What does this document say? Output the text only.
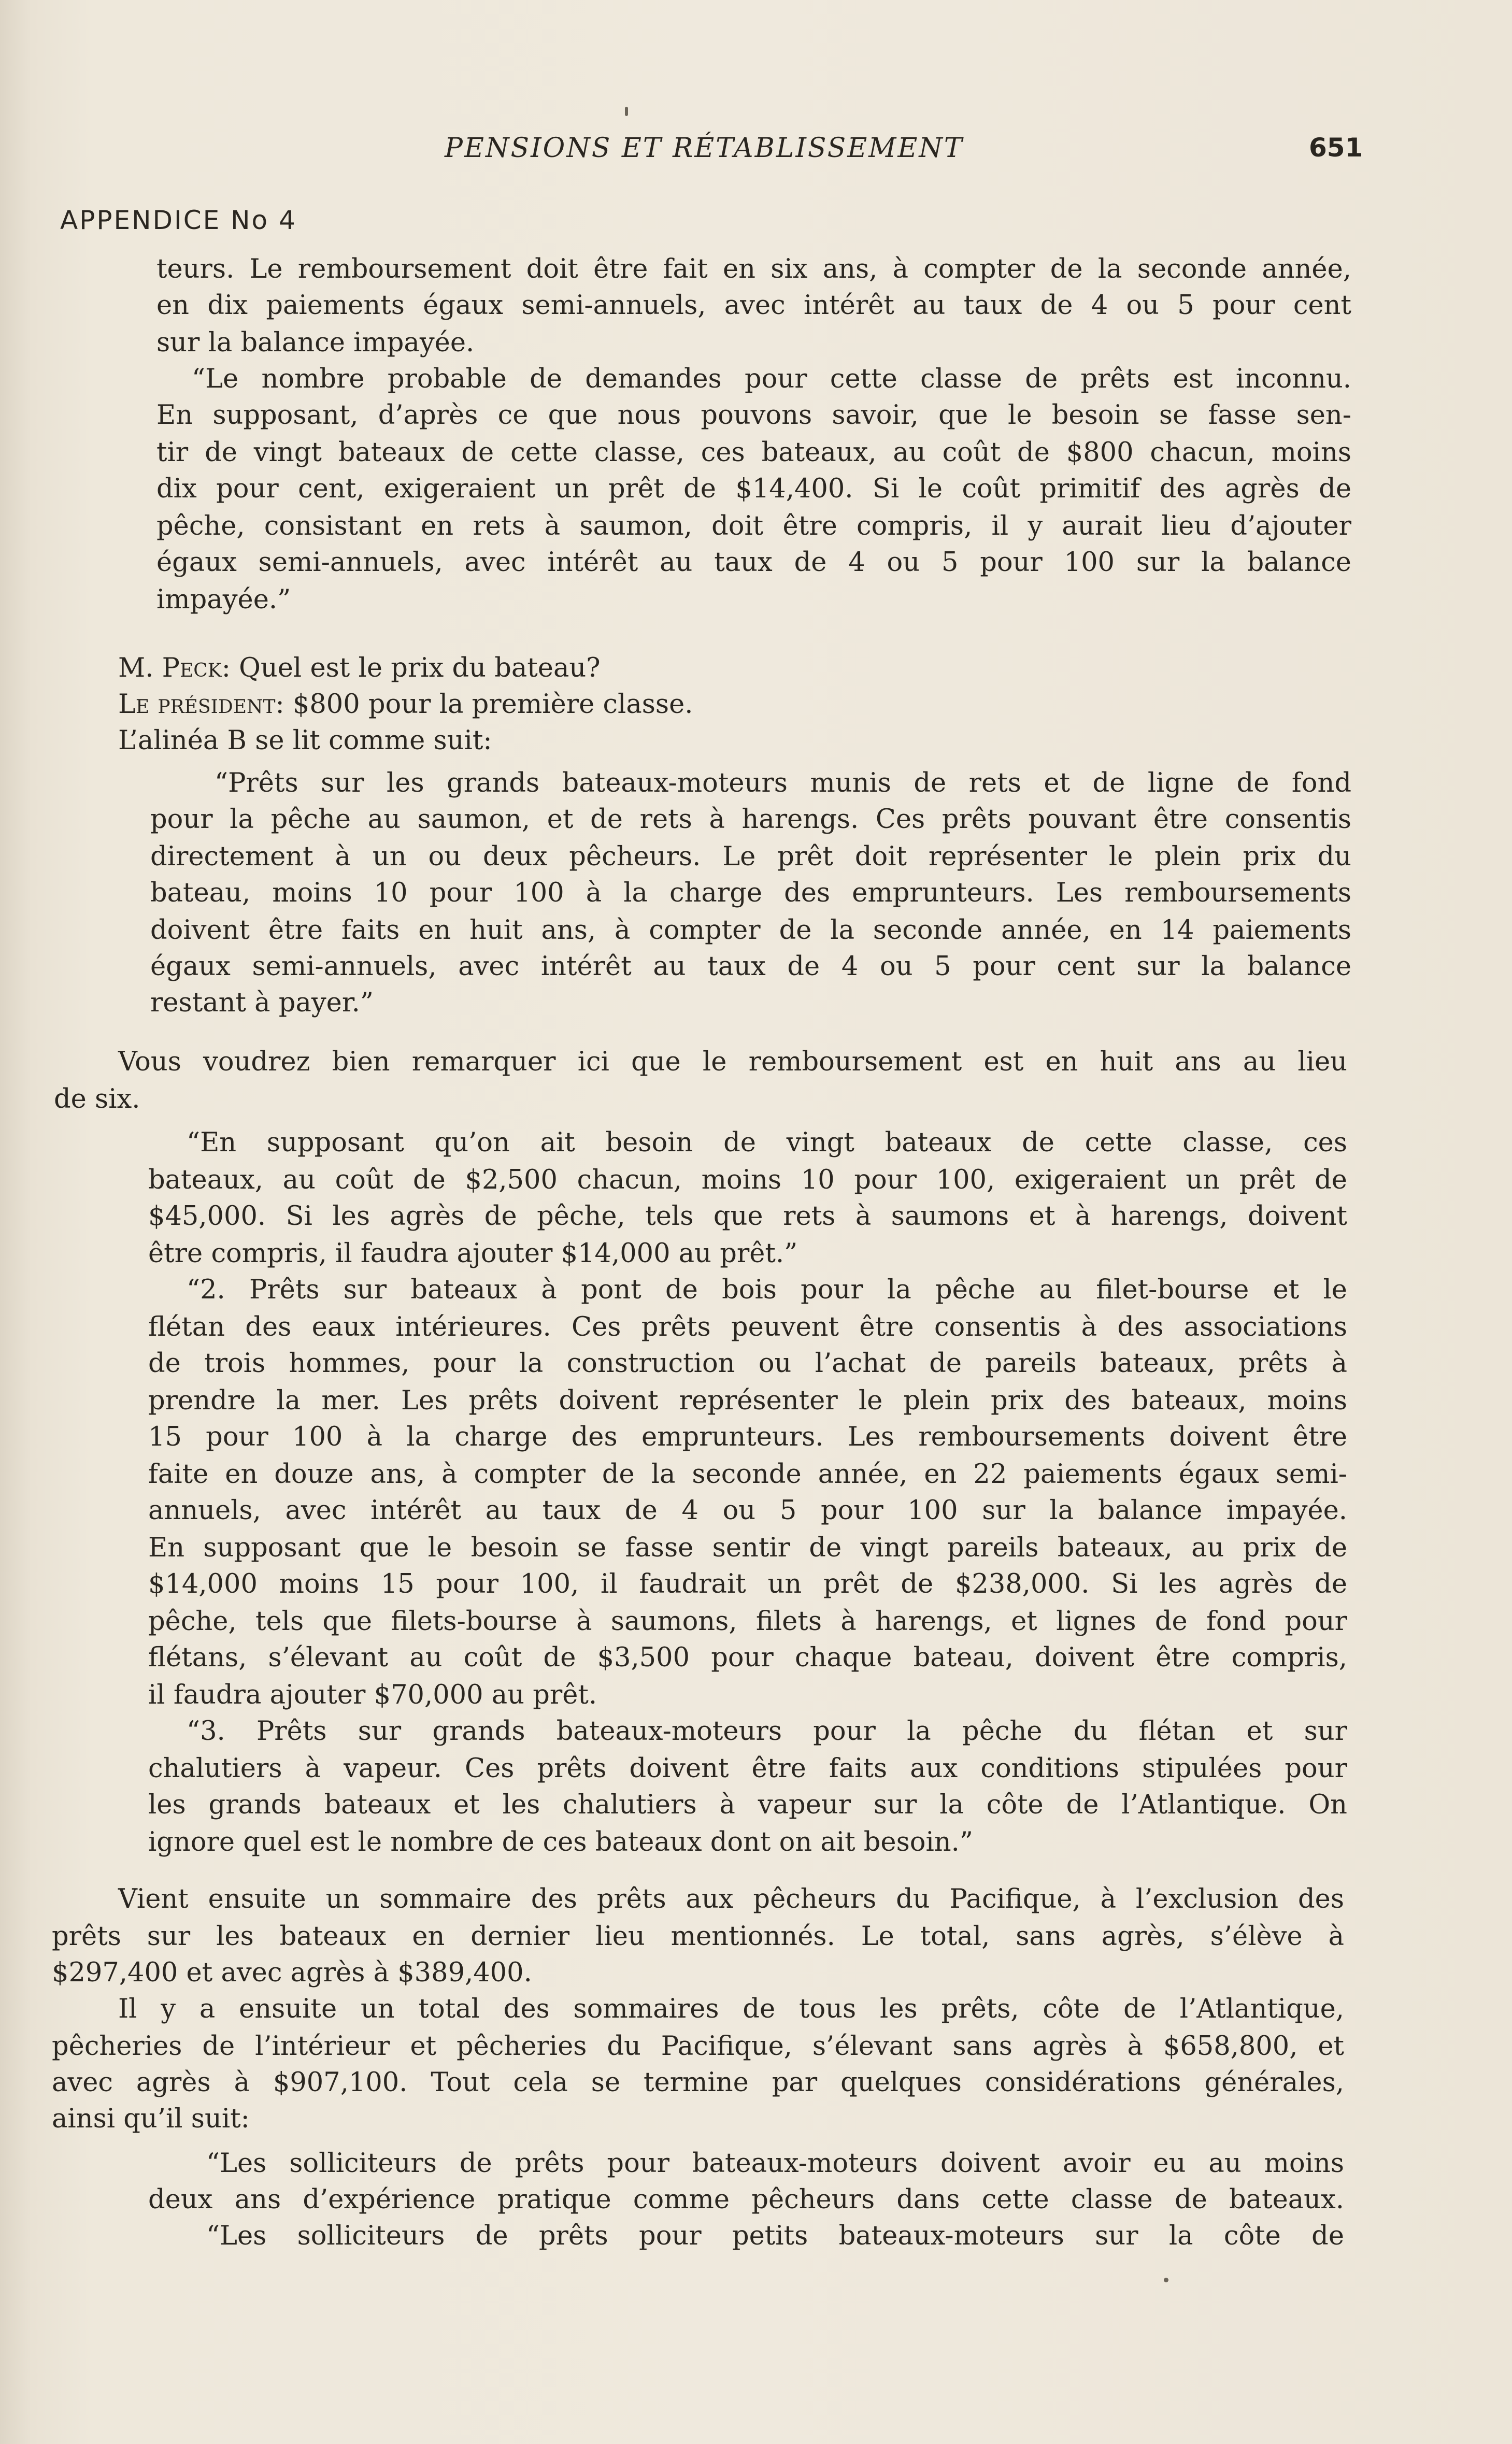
PENSIONS ET RÉTABLISSEMENT	651
APPENDICE No 4
teurs. Le remboursement doit être fait en six ans, à compter de la seconde année,
en dix paiements égaux semi-annuels, avec intérêt au taux de 4 ou 5 pour cent
sur la balance impayée.
“Le nombre probable de demandes pour cette classe de prêts est inconnu.
En supposant, d’après ce que nous pouvons savoir, que le besoin se fasse sen-
tir de vingt bateaux de cette classe, ces bateaux, au coût de $800 chacun, moins
dix pour cent, exigeraient un prêt de $14,400. Si le coût primitif des agrès de
pêche, consistant en rets à saumon, doit être compris, il y aurait lieu d’ajouter
égaux semi-annuels, avec intérêt au taux de 4 ou 5 pour 100 sur la balance
impayée.”
M. Peck: Quel est le prix du bateau?
Le président: $800 pour la première classe.
L’alinéa B se lit comme suit:
“Prêts sur les grands bateaux-moteurs munis de rets et de ligne de fond
pour la pêche au saumon, et de rets à harengs. Ces prêts pouvant être consentis
directement à un ou deux pêcheurs. Le prêt doit représenter le plein prix du
bateau, moins 10 pour 100 à la charge des emprunteurs. Les remboursements
doivent être faits en huit ans, à compter de la seconde année, en 14 paiements
égaux semi-annuels, avec intérêt au taux de 4 ou 5 pour cent sur la balance
restant à payer.”
Vous voudrez bien remarquer ici que le remboursement est en huit ans au lieu
de six.
“En supposant qu’on ait besoin de vingt bateaux de cette classe, ces
bateaux, au coût de $2,500 chacun, moins 10 pour 100, exigeraient un prêt de
$45,000. Si les agrès de pêche, tels que rets à saumons et à harengs, doivent
être compris, il faudra ajouter $14,000 au prêt.”
“2. Prêts sur bateaux à pont de bois pour la pêche au filet-bourse et le
flétan des eaux intérieures. Ces prêts peuvent être consentis à des associations
de trois hommes, pour la construction ou l’achat de pareils bateaux, prêts à
prendre la mer. Les prêts doivent représenter le plein prix des bateaux, moins
15 pour 100 à la charge des emprunteurs. Les remboursements doivent être
faite en douze ans, à compter de la seconde année, en 22 paiements égaux semi-
annuels, avec intérêt au taux de 4 ou 5 pour 100 sur la balance impayée.
En supposant que le besoin se fasse sentir de vingt pareils bateaux, au prix de
$14,000 moins 15 pour 100, il faudrait un prêt de $238,000. Si les agrès de
pêche, tels que filets-bourse à saumons, filets à harengs, et lignes de fond pour
flétans, s’élevant au coût de $3,500 pour chaque bateau, doivent être compris,
il faudra ajouter $70,000 au prêt.
“3. Prêts sur grands bateaux-moteurs pour la pêche du flétan et sur
chalutiers à vapeur. Ces prêts doivent être faits aux conditions stipulées pour
les grands bateaux et les chalutiers à vapeur sur la côte de l’Atlantique. On
ignore quel est le nombre de ces bateaux dont on ait besoin.”
Vient ensuite un sommaire des prêts aux pêcheurs du Pacifique, à l’exclusion des
prêts sur les bateaux en dernier lieu mentionnés. Le total, sans agrès, s’élève à
$297,400 et avec agrès à $389,400.
Il y a ensuite un total des sommaires de tous les prêts, côte de l’Atlantique,
pêcheries de l’intérieur et pêcheries du Pacifique, s’élevant sans agrès à $658,800, et
avec agrès à $907,100. Tout cela se termine par quelques considérations générales,
ainsi qu’il suit:
“Les solliciteurs de prêts pour bateaux-moteurs doivent avoir eu au moins
deux ans d’expérience pratique comme pêcheurs dans cette classe de bateaux.
“Les solliciteurs de prêts pour petits bateaux-moteurs sur la côte de
